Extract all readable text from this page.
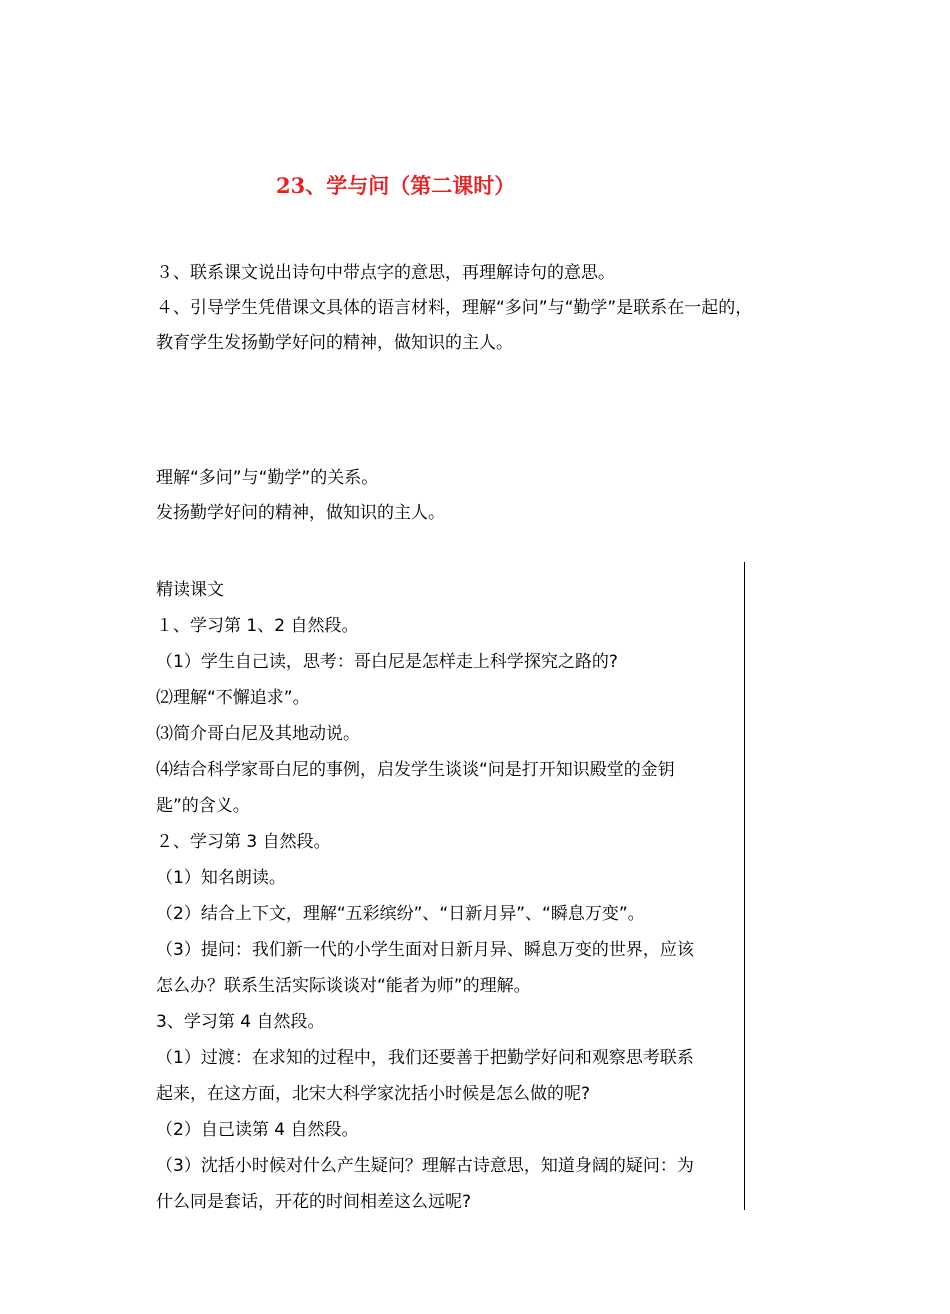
23、学与问（第二课时）

３、联系课文说出诗句中带点字的意思，再理解诗句的意思。

４、引导学生凭借课文具体的语言材料，理解“多问”与“勤学”是联系在一起的，

教育学生发扬勤学好问的精神，做知识的主人。

理解“多问”与“勤学”的关系。

发扬勤学好问的精神，做知识的主人。

精读课文

１、学习第 1、2 自然段。

（1）学生自己读，思考：哥白尼是怎样走上科学探究之路的?

⑵理解“不懈追求”。

⑶简介哥白尼及其地动说。

⑷结合科学家哥白尼的事例，启发学生谈谈“问是打开知识殿堂的金钥

匙”的含义。

２、学习第 3 自然段。

（1）知名朗读。

（2）结合上下文，理解“五彩缤纷”、“日新月异”、“瞬息万变”。

（3）提问：我们新一代的小学生面对日新月异、瞬息万变的世界，应该

怎么办？联系生活实际谈谈对“能者为师”的理解。

3、学习第 4 自然段。

（1）过渡：在求知的过程中，我们还要善于把勤学好问和观察思考联系

起来，在这方面，北宋大科学家沈括小时候是怎么做的呢?

（2）自己读第 4 自然段。

（3）沈括小时候对什么产生疑问？理解古诗意思，知道身阔的疑问：为

什么同是套话，开花的时间相差这么远呢?
